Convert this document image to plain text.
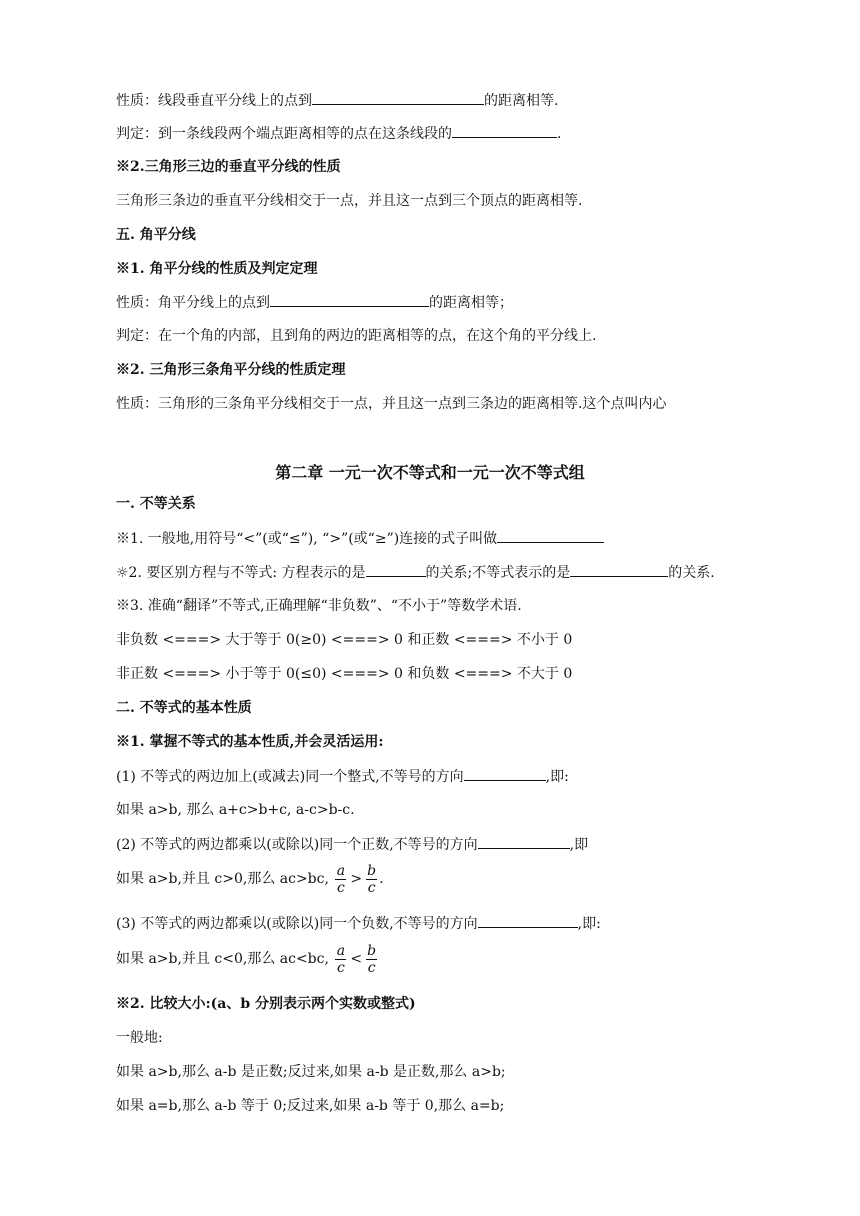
性质：线段垂直平分线上的点到	的距离相等.
判定：到一条线段两个端点距离相等的点在这条线段的	.
※2.三角形三边的垂直平分线的性质
三角形三条边的垂直平分线相交于一点，并且这一点到三个顶点的距离相等.
五. 角平分线
※1. 角平分线的性质及判定定理
性质：角平分线上的点到	的距离相等；
判定：在一个角的内部，且到角的两边的距离相等的点，在这个角的平分线上.
※2. 三角形三条角平分线的性质定理
性质：三角形的三条角平分线相交于一点，并且这一点到三条边的距离相等.这个点叫内心
第二章 一元一次不等式和一元一次不等式组
一. 不等关系
※1. 一般地,用符号“<”(或“≤”), “>”(或“≥”)连接的式子叫做
☼2. 要区别方程与不等式: 方程表示的是	的关系;不等式表示的是	的关系.
※3. 准确“翻译”不等式,正确理解“非负数”、“不小于”等数学术语.
非负数 <===> 大于等于 0(≥0) <===> 0 和正数 <===> 不小于 0
非正数 <===> 小于等于 0(≤0) <===> 0 和负数 <===> 不大于 0
二. 不等式的基本性质
※1. 掌握不等式的基本性质,并会灵活运用:
(1) 不等式的两边加上(或减去)同一个整式,不等号的方向	,即:
如果 a>b, 那么 a+c>b+c, a-c>b-c.
(2) 不等式的两边都乘以(或除以)同一个正数,不等号的方向	,即
如果 a>b,并且 c>0,那么 ac>bc, $\frac{a}{c} > \frac{b}{c}$ .
(3) 不等式的两边都乘以(或除以)同一个负数,不等号的方向	,即:
如果 a>b,并且 c<0,那么 ac<bc, $\frac{a}{c} < \frac{b}{c}$
※2. 比较大小:(a、b 分别表示两个实数或整式)
一般地:
如果 a>b,那么 a-b 是正数;反过来,如果 a-b 是正数,那么 a>b;
如果 a=b,那么 a-b 等于 0;反过来,如果 a-b 等于 0,那么 a=b;
